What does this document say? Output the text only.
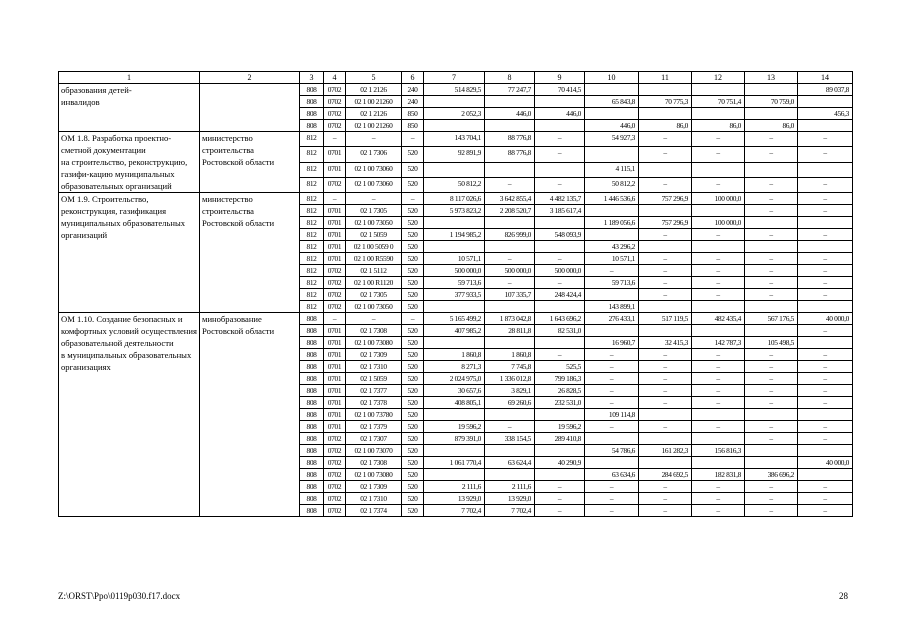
1	2	3	4	5	6	7	8	9	10	11	12	13	14
образования детей-
инвалидов		808	0702	02 1 2126	240	514 829,5	77 247,7	70 414,5					89 037,8
		808	0702	02 1 00 21260	240				65 843,8	70 775,3	70 751,4	70 759,0	
		808	0702	02 1 2126	850	2 052,3	446,0	446,0					456,3
		808	0702	02 1 00 21260	850				446,0	86,0	86,0	86,0	
ОМ 1.8. Разработка проектно-сметной документации
на строительство, реконструкцию, газифи-кацию муниципальных образовательных организаций	министерство строительства Ростовской области	812	–	–	–	143 704,1	88 776,8	–	54 927,3	–	–	–	–
		812	0701	02 1 7306	520	92 891,9	88 776,8	–		–	–	–	–
		812	0701	02 1 00 73060	520				4 115,1				
		812	0702	02 1 00 73060	520	50 812,2	–	–	50 812,2	–	–	–	–
ОМ 1.9. Строительство, реконструкция, газификация муниципальных образовательных организаций	министерство строительства Ростовской области	812	–	–	–	8 117 026,6	3 642 855,4	4 482 135,7	1 446 536,6	757 296,9	100 000,0	–	–
		812	0701	02 1 7305	520	5 973 823,2	2 208 520,7	3 185 617,4				–	–
		812	0701	02 1 00 73050	520				1 189 056,6	757 296,9	100 000,0		
		812	0701	02 1 5059	520	1 194 985,2	826 999,0	548 093,9		–	–	–	–
		812	0701	02 1 00 5059 0	520				43 296,2				
		812	0701	02 1 00 R5590	520	10 571,1	–	–	10 571,1	–	–	–	–
		812	0702	02 1 5112	520	500 000,0	500 000,0	500 000,0	–	–	–	–	–
		812	0702	02 1 00 R1120	520	59 713,6	–	–	59 713,6	–	–	–	–
		812	0702	02 1 7305	520	377 933,5	107 335,7	248 424,4		–	–	–	–
		812	0702	02 1 00 73050	520				143 899,1				
ОМ 1.10. Создание безопасных и комфортных условий осуществления образовательной деятельности
в муниципальных образовательных организациях	минобразование Ростовской области	808	–	–	–	5 165 499,2	1 873 042,8	1 643 696,2	276 433,1	517 119,5	482 435,4	567 176,5	40 000,0
		808	0701	02 1 7308	520	407 985,2	28 811,8	82 531,0					–
		808	0701	02 1 00 73080	520				16 960,7	32 415,3	142 787,3	105 498,5	
		808	0701	02 1 7309	520	1 860,8	1 860,8	–	–	–	–	–	–
		808	0701	02 1 7310	520	8 271,3	7 745,8	525,5	–	–	–	–	–
		808	0701	02 1 5059	520	2 024 975,0	1 336 012,8	799 186,3	–	–	–	–	–
		808	0701	02 1 7377	520	30 657,6	3 829,1	26 828,5	–	–	–	–	–
		808	0701	02 1 7378	520	408 805,1	69 260,6	232 531,0	–	–	–	–	–
		808	0701	02 1 00 73780	520				109 114,8				
		808	0701	02 1 7379	520	19 596,2	–	19 596,2	–	–	–	–	–
		808	0702	02 1 7307	520	879 391,0	338 154,5	289 410,8				–	–
		808	0702	02 1 00 73070	520				54 786,6	161 282,3	156 816,3		
		808	0702	02 1 7308	520	1 061 770,4	63 624,4	40 290,9					40 000,0
		808	0702	02 1 00 73080	520				63 634,6	284 692,5	182 831,8	386 696,2	
		808	0702	02 1 7309	520	2 111,6	2 111,6	–	–	–	–	–	–
		808	0702	02 1 7310	520	13 929,0	13 929,0	–	–	–	–	–	–
		808	0702	02 1 7374	520	7 702,4	7 702,4	–	–	–	–	–	–
Z:\ORST\Ppo\0119p030.f17.docx	28
